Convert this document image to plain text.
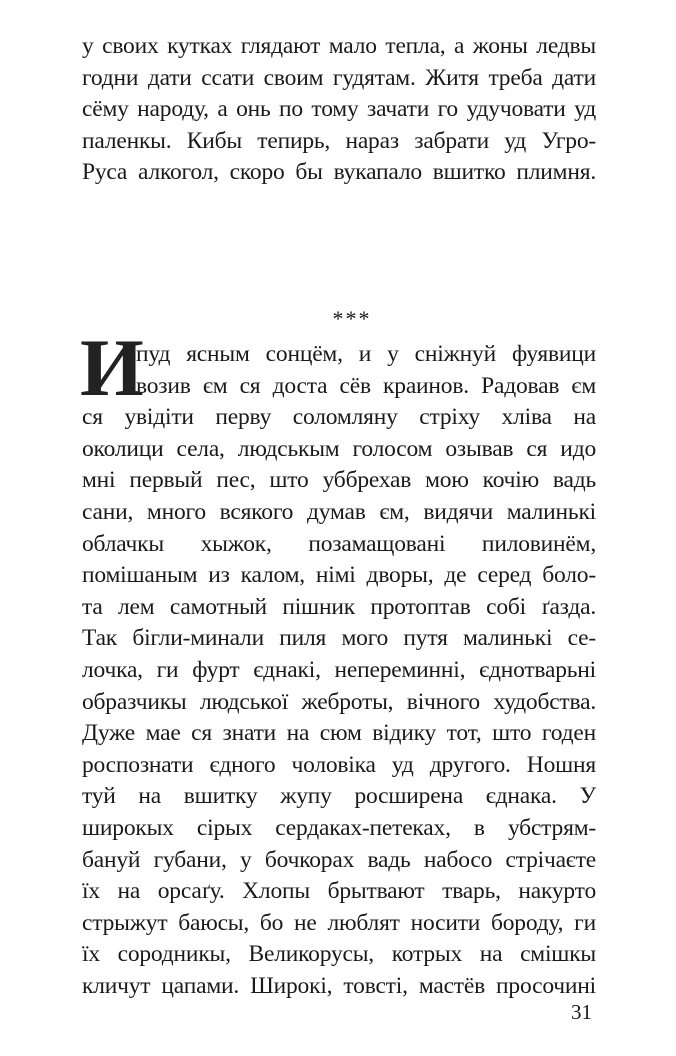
у своих кутках глядают мало тепла, а жоны ледвы
годни дати ссати своим гудятам. Житя треба дати
сёму народу, а онь по тому зачати го удучовати уд
паленкы. Кибы тепирь, нараз забрати уд Угро-
Руса алкогол, скоро бы вукапало вшитко плимня.
***
И
пуд ясным сонцём, и у сніжнуй фуявици
возив єм ся доста сёв краинов. Радовав єм
ся увідіти перву соломляну стріху хліва на
околици села, людськым голосом озывав ся идо
мні первый пес, што уббрехав мою кочію вадь
сани, много всякого думав єм, видячи малинькі
облачкы хыжок, позамащовані пиловинём,
помішаным из калом, німі дворы, де серед боло-
та лем самотный пішник протоптав собі ґазда.
Так бігли-минали пиля мого путя малинькі се-
лочка, ги фурт єднакі, непереминні, єднотварьні
образчикы людської жеброты, вічного худобства.
Дуже мае ся знати на сюм відику тот, што годен
роспознати єдного чоловіка уд другого. Ношня
туй на вшитку жупу росширена єднака. У
широкых сірых сердаках-петеках, в убстрям-
бануй губани, у бочкорах вадь набосо стрічаєте
їх на орсаґу. Хлопы брытвают тварь, накурто
стрыжут баюсы, бо не люблят носити бороду, ги
їх сородникы, Великорусы, котрых на смішкы
кличут цапами. Широкі, товсті, мастёв просочині
31
